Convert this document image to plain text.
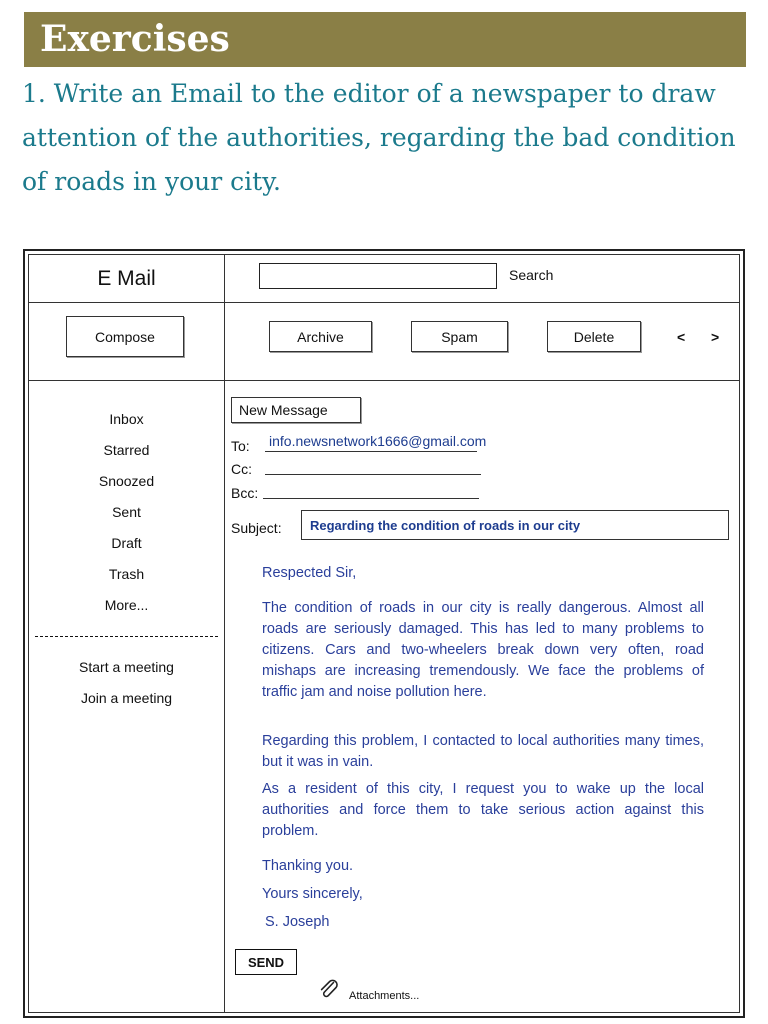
Exercises
1. Write an Email to the editor of a newspaper to draw attention of the authorities, regarding the bad condition of roads in your city.
E Mail	Search
Compose	Archive	Spam	Delete	< >
Inbox
Starred
Snoozed
Sent
Draft
Trash
More...
Start a meeting
Join a meeting
New Message
To: info.newsnetwork1666@gmail.com
Cc:
Bcc:
Subject: Regarding the condition of roads in our city
Respected Sir,
The condition of roads in our city is really dangerous. Almost all roads are seriously damaged. This has led to many problems to citizens. Cars and two-wheelers break down very often, road mishaps are increasing tremendously. We face the problems of traffic jam and noise pollution here.
Regarding this problem, I contacted to local authorities many times, but it was in vain.
As a resident of this city, I request you to wake up the local authorities and force them to take serious action against this problem.
Thanking you.
Yours sincerely,
S. Joseph
SEND
Attachments...
